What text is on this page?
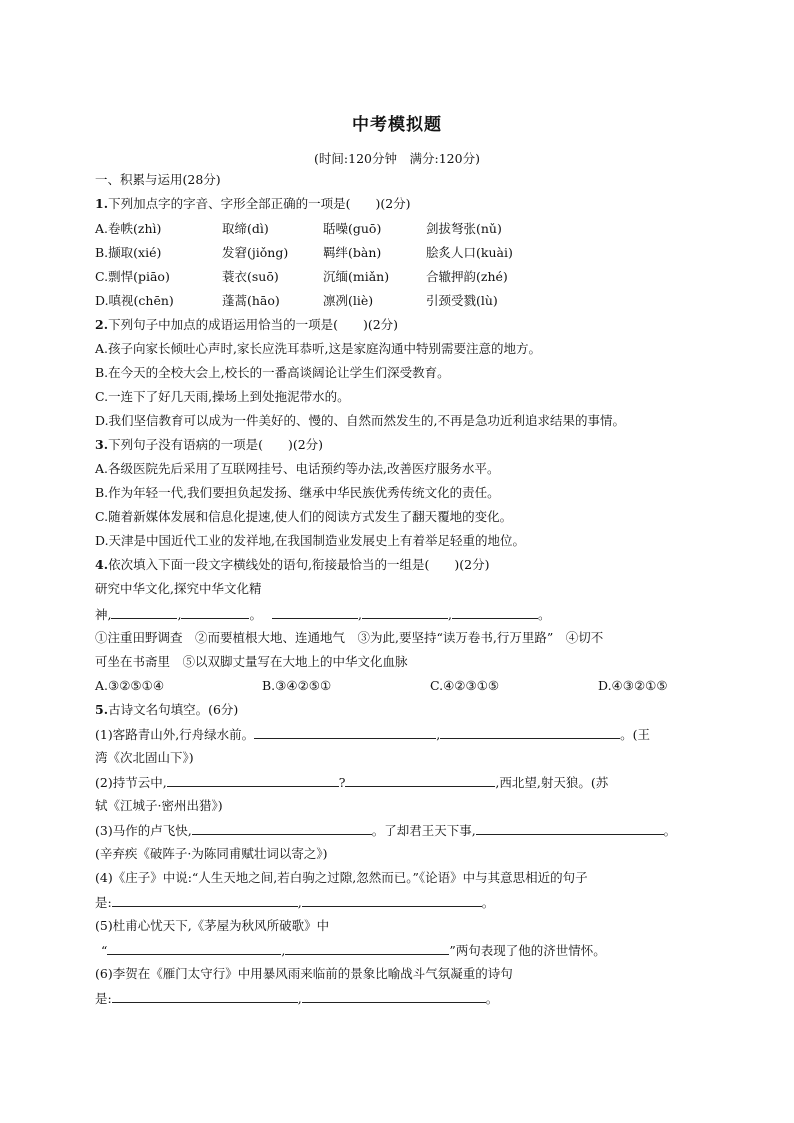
中考模拟题
(时间:120分钟　满分:120分)
一、积累与运用(28分)
1.下列加点字的字音、字形全部正确的一项是(　　)(2分)
A.卷帙(zhì)	取缔(dì)	聒噪(guō)	剑拔弩张(nǔ)
B.撷取(xié)	发窘(jiǒng)	羁绊(bàn)	脍炙人口(kuài)
C.剽悍(piāo)	蓑衣(suō)	沉缅(miǎn)	合辙押韵(zhé)
D.嗔视(chēn)	蓬蒿(hāo)	凛冽(liè)	引颈受戮(lù)
2.下列句子中加点的成语运用恰当的一项是(　　)(2分)
A.孩子向家长倾吐心声时,家长应洗耳恭听,这是家庭沟通中特别需要注意的地方。
B.在今天的全校大会上,校长的一番高谈阔论让学生们深受教育。
C.一连下了好几天雨,操场上到处拖泥带水的。
D.我们坚信教育可以成为一件美好的、慢的、自然而然发生的,不再是急功近利追求结果的事情。
3.下列句子没有语病的一项是(　　)(2分)
A.各级医院先后采用了互联网挂号、电话预约等办法,改善医疗服务水平。
B.作为年轻一代,我们要担负起发扬、继承中华民族优秀传统文化的责任。
C.随着新媒体发展和信息化提速,使人们的阅读方式发生了翻天覆地的变化。
D.天津是中国近代工业的发祥地,在我国制造业发展史上有着举足轻重的地位。
4.依次填入下面一段文字横线处的语句,衔接最恰当的一组是(　　)(2分)
研究中华文化,探究中华文化精
神,	,	。	,	,	。
①注重田野调查　②而要植根大地、连通地气　③为此,要坚持“读万卷书,行万里路”　④切不
可坐在书斋里　⑤以双脚丈量写在大地上的中华文化血脉
A.③②⑤①④	B.③④②⑤①	C.④②③①⑤	D.④③②①⑤
5.古诗文名句填空。(6分)
(1)客路青山外,行舟绿水前。	,	。(王
湾《次北固山下》)
(2)持节云中,	?	,西北望,射天狼。(苏
轼《江城子·密州出猎》)
(3)马作的卢飞快,	。了却君王天下事,	。
(辛弃疾《破阵子·为陈同甫赋壮词以寄之》)
(4)《庄子》中说:“人生天地之间,若白驹之过隙,忽然而已。”《论语》中与其意思相近的句子
是:	,	。
(5)杜甫心忧天下,《茅屋为秋风所破歌》中
“	,	”两句表现了他的济世情怀。
(6)李贺在《雁门太守行》中用暴风雨来临前的景象比喻战斗气氛凝重的诗句
是:	,	。
